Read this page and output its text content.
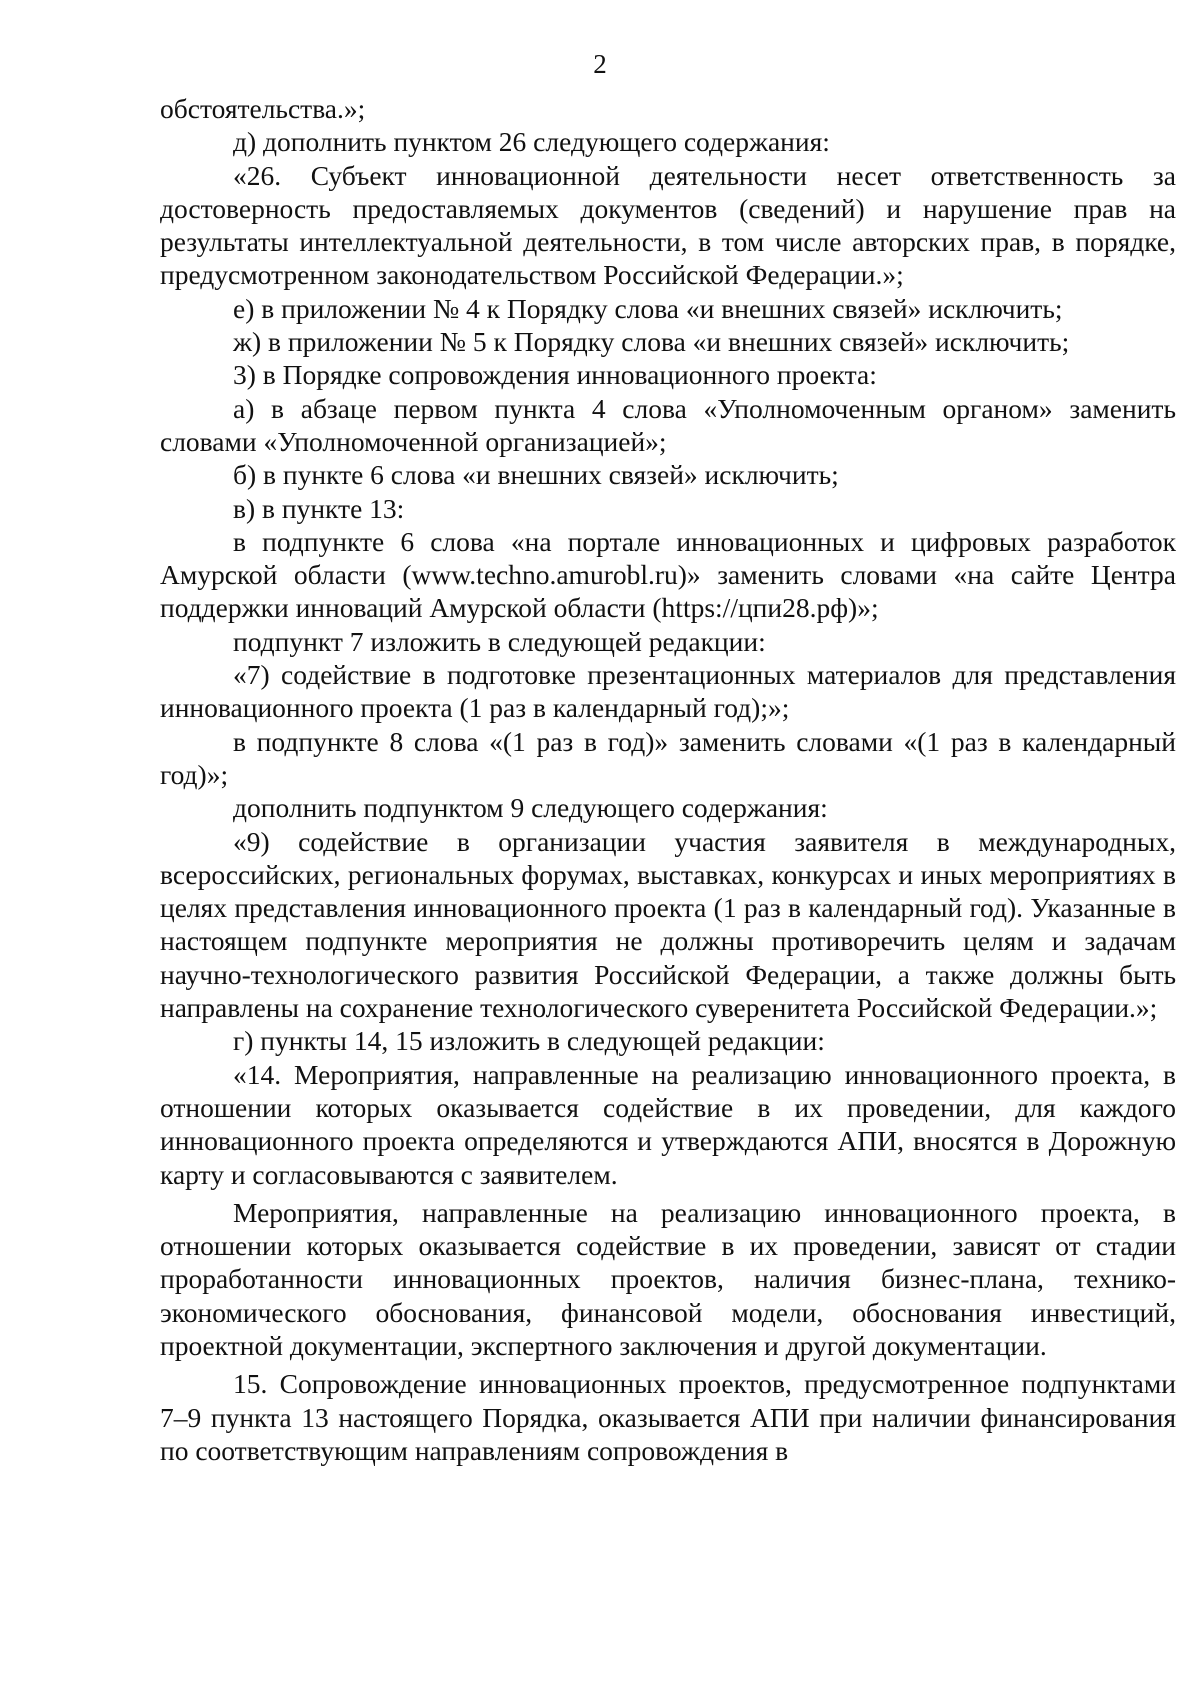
2

обстоятельства.»;

д) дополнить пунктом 26 следующего содержания:

«26. Субъект инновационной деятельности несет ответственность за достоверность предоставляемых документов (сведений) и нарушение прав на результаты интеллектуальной деятельности, в том числе авторских прав, в порядке, предусмотренном законодательством Российской Федерации.»;

е) в приложении № 4 к Порядку слова «и внешних связей» исключить;

ж) в приложении № 5 к Порядку слова «и внешних связей» исключить;

3) в Порядке сопровождения инновационного проекта:

а) в абзаце первом пункта 4 слова «Уполномоченным органом» заменить словами «Уполномоченной организацией»;

б) в пункте 6 слова «и внешних связей» исключить;

в) в пункте 13:

в подпункте 6 слова «на портале инновационных и цифровых разработок Амурской области (www.techno.amurobl.ru)» заменить словами «на сайте Центра поддержки инноваций Амурской области (https://цпи28.рф)»;

подпункт 7 изложить в следующей редакции:

«7) содействие в подготовке презентационных материалов для представления инновационного проекта (1 раз в календарный год);»;

в подпункте 8 слова «(1 раз в год)» заменить словами «(1 раз в календарный год)»;

дополнить подпунктом 9 следующего содержания:

«9) содействие в организации участия заявителя в международных, всероссийских, региональных форумах, выставках, конкурсах и иных мероприятиях в целях представления инновационного проекта (1 раз в календарный год). Указанные в настоящем подпункте мероприятия не должны противоречить целям и задачам научно-технологического развития Российской Федерации, а также должны быть направлены на сохранение технологического суверенитета Российской Федерации.»;

г) пункты 14, 15 изложить в следующей редакции:

«14. Мероприятия, направленные на реализацию инновационного проекта, в отношении которых оказывается содействие в их проведении, для каждого инновационного проекта определяются и утверждаются АПИ, вносятся в Дорожную карту и согласовываются с заявителем.

Мероприятия, направленные на реализацию инновационного проекта, в отношении которых оказывается содействие в их проведении, зависят от стадии проработанности инновационных проектов, наличия бизнес-плана, технико-экономического обоснования, финансовой модели, обоснования инвестиций, проектной документации, экспертного заключения и другой документации.

15. Сопровождение инновационных проектов, предусмотренное подпунктами 7–9 пункта 13 настоящего Порядка, оказывается АПИ при наличии финансирования по соответствующим направлениям сопровождения в
